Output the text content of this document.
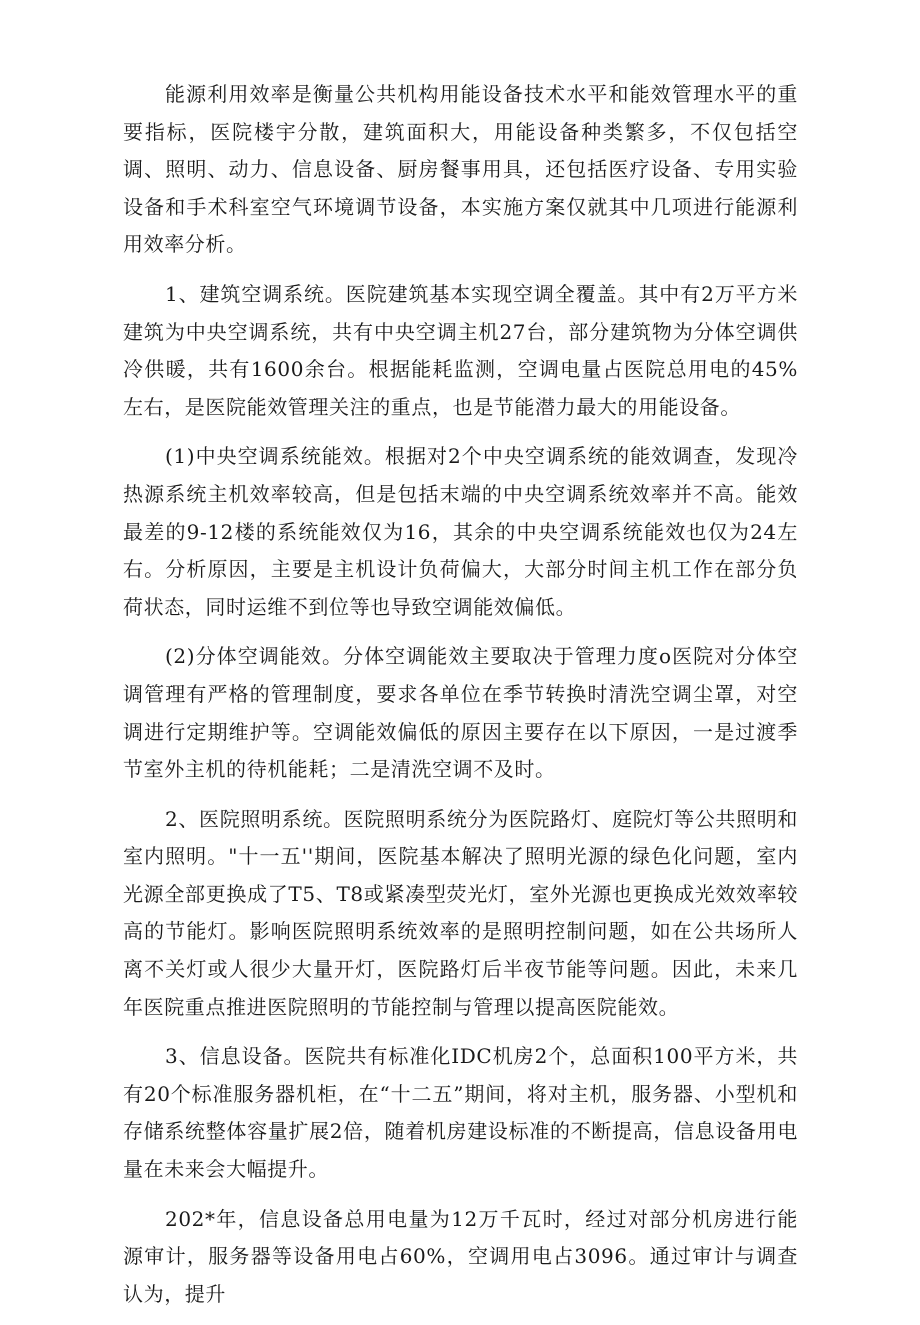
能源利用效率是衡量公共机构用能设备技术水平和能效管理水平的重要指标，医院楼宇分散，建筑面积大，用能设备种类繁多，不仅包括空调、照明、动力、信息设备、厨房餐事用具，还包括医疗设备、专用实验设备和手术科室空气环境调节设备，本实施方案仅就其中几项进行能源利用效率分析。

1、建筑空调系统。医院建筑基本实现空调全覆盖。其中有2万平方米建筑为中央空调系统，共有中央空调主机27台，部分建筑物为分体空调供冷供暖，共有1600余台。根据能耗监测，空调电量占医院总用电的45%左右，是医院能效管理关注的重点，也是节能潜力最大的用能设备。

(1)中央空调系统能效。根据对2个中央空调系统的能效调查，发现冷热源系统主机效率较高，但是包括末端的中央空调系统效率并不高。能效最差的9-12楼的系统能效仅为16，其余的中央空调系统能效也仅为24左右。分析原因，主要是主机设计负荷偏大，大部分时间主机工作在部分负荷状态，同时运维不到位等也导致空调能效偏低。

(2)分体空调能效。分体空调能效主要取决于管理力度o医院对分体空调管理有严格的管理制度，要求各单位在季节转换时清洗空调尘罩，对空调进行定期维护等。空调能效偏低的原因主要存在以下原因，一是过渡季节室外主机的待机能耗；二是清洗空调不及时。

2、医院照明系统。医院照明系统分为医院路灯、庭院灯等公共照明和室内照明。"十一五''期间，医院基本解决了照明光源的绿色化问题，室内光源全部更换成了T5、T8或紧凑型荧光灯，室外光源也更换成光效效率较高的节能灯。影响医院照明系统效率的是照明控制问题，如在公共场所人离不关灯或人很少大量开灯，医院路灯后半夜节能等问题。因此，未来几年医院重点推进医院照明的节能控制与管理以提高医院能效。

3、信息设备。医院共有标准化IDC机房2个，总面积100平方米，共有20个标准服务器机柜，在“十二五”期间，将对主机，服务器、小型机和存储系统整体容量扩展2倍，随着机房建设标准的不断提高，信息设备用电量在未来会大幅提升。

202*年，信息设备总用电量为12万千瓦时，经过对部分机房进行能源审计，服务器等设备用电占60%，空调用电占3096。通过审计与调查认为，提升
